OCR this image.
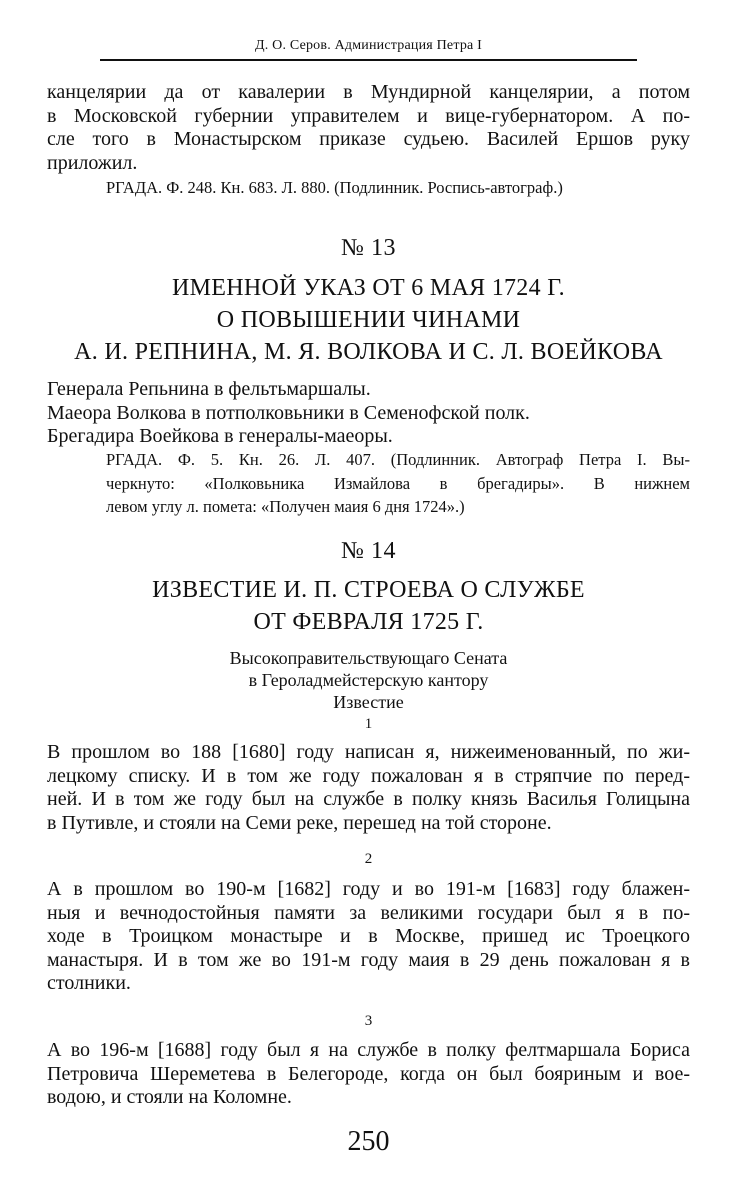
Д. О. Серов. Администрация Петра I
канцелярии да от кавалерии в Мундирной канцелярии, а потом
в Московской губернии управителем и вице-губернатором. А по-
сле того в Монастырском приказе судьею. Василей Ершов руку
приложил.
РГАДА. Ф. 248. Кн. 683. Л. 880. (Подлинник. Роспись-автограф.)
№ 13
ИМЕННОЙ УКАЗ ОТ 6 МАЯ 1724 Г.
О ПОВЫШЕНИИ ЧИНАМИ
А. И. РЕПНИНА, М. Я. ВОЛКОВА И С. Л. ВОЕЙКОВА
Генерала Репьнина в фельтьмаршалы.
Маеора Волкова в потполковьники в Семенофской полк.
Брегадира Воейкова в генералы-маеоры.
РГАДА. Ф. 5. Кн. 26. Л. 407. (Подлинник. Автограф Петра I. Вы-
черкнуто: «Полковьника Измайлова в брегадиры». В нижнем
левом углу л. помета: «Получен маия 6 дня 1724».)
№ 14
ИЗВЕСТИЕ И. П. СТРОЕВА О СЛУЖБЕ
ОТ ФЕВРАЛЯ 1725 Г.
Высокоправительствующаго Сената
в Героладмейстерскую кантору
Известие
1
В прошлом во 188 [1680] году написан я, нижеименованный, по жи-
лецкому списку. И в том же году пожалован я в стряпчие по перед-
ней. И в том же году был на службе в полку князь Василья Голицына
в Путивле, и стояли на Семи реке, перешед на той стороне.
2
А в прошлом во 190-м [1682] году и во 191-м [1683] году блажен-
ныя и вечнодостойныя памяти за великими государи был я в по-
ходе в Троицком монастыре и в Москве, пришед ис Троецкого
манастыря. И в том же во 191-м году маия в 29 день пожалован я в
столники.
3
А во 196-м [1688] году был я на службе в полку фелтмаршала Бориса
Петровича Шереметева в Белегороде, когда он был бояриным и вое-
водою, и стояли на Коломне.
250
